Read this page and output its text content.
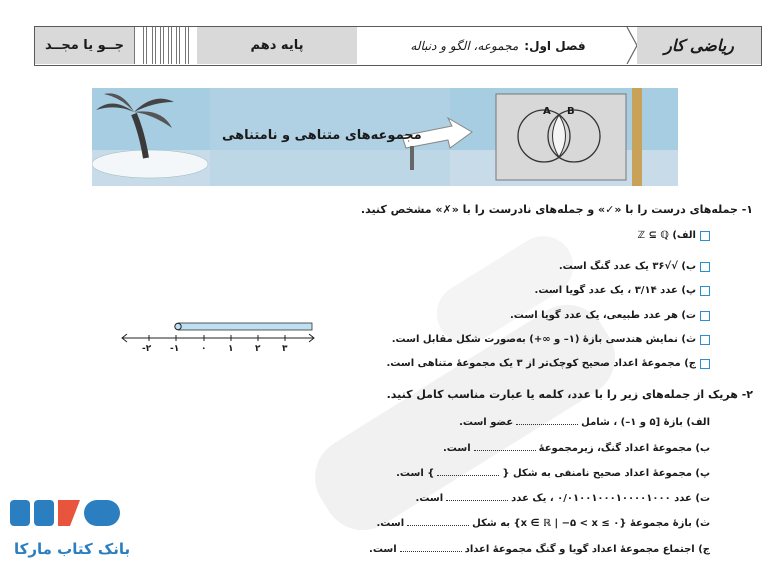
جــو یا مجــد	پایه دهم	فصل اول:
مجموعه، الگو و دنباله	ریاضی کار
A B
مجموعه‌های متناهی و نامتناهی
۱- جمله‌های درست را با «✓» و جمله‌های نادرست را با «✗» مشخص کنید.
الف) ℤ ⊆ ℚ
ب) √√۳۶ یک عدد گنگ است.
پ) عدد ۳/۱۴ ، یک عدد گویا است.
ت) هر عدد طبیعی، یک عدد گویا است.
ث) نمایش هندسی بازهٔ (۱– و ∞+) به‌صورت شکل مقابل است.
ج) مجموعهٔ اعداد صحیح کوچک‌تر از ۳ یک مجموعهٔ متناهی است.
-۲ -۱ ۰ ۱ ۲ ۳
۲- هریک از جمله‌های زیر را با عدد، کلمه یا عبارت مناسب کامل کنید.
الف) بازهٔ [۵ و ۱–) ، شاملعضو است.
ب) مجموعهٔ اعداد گنگ، زیرمجموعهٔاست.
پ) مجموعهٔ اعداد صحیح نامنفی به شکل {} است.
ت) عدد ۰/۰۱۰۰۱۰۰۰۱۰۰۰۰۱۰۰۰ ، یک عدداست.
ث) بازهٔ مجموعهٔ {x ∈ ℝ | −۵ < x ≤ ۰} به شکلاست.
ج) اجتماع مجموعهٔ اعداد گویا و گنگ مجموعهٔ اعداداست.
بانک کتاب مارکا
